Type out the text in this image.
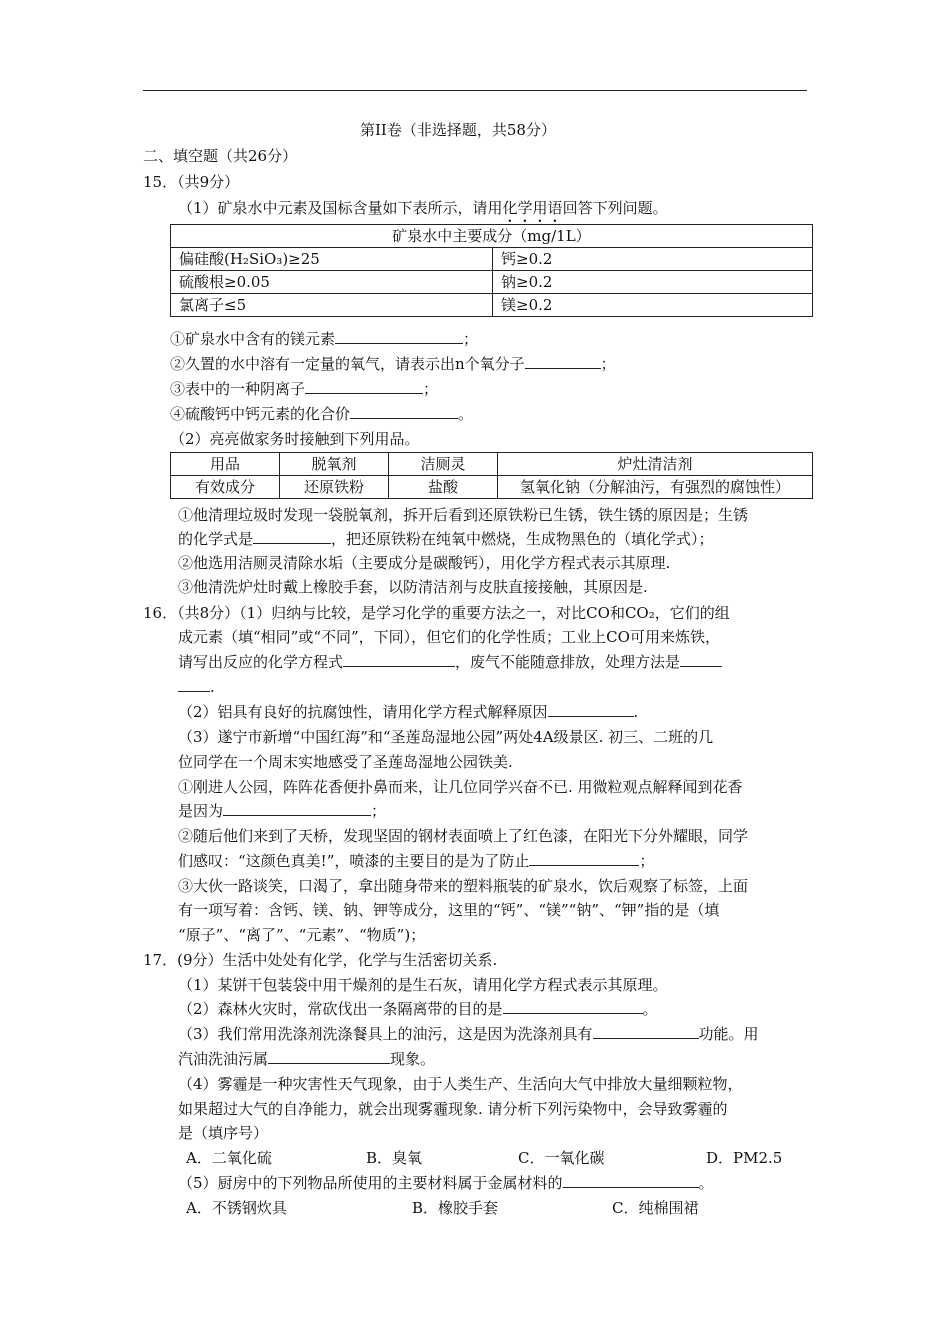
第II卷（非选择题，共58分）
二、填空题（共26分）
15．（共9分）
（1）矿泉水中元素及国标含量如下表所示，请用化学用语回答下列问题。
矿泉水中主要成分（mg/1L）	
偏硅酸(H₂SiO₃)≥25	钙≥0.2
硫酸根≥0.05	钠≥0.2
氯离子≤5	镁≥0.2
①矿泉水中含有的镁元素	；
②久置的水中溶有一定量的氧气，请表示出n个氧分子	；
③表中的一种阴离子	；
④硫酸钙中钙元素的化合价	。
（2）亮亮做家务时接触到下列用品。
用品	脱氧剂	洁厕灵	炉灶清洁剂
有效成分	还原铁粉	盐酸	氢氧化钠（分解油污，有强烈的腐蚀性）
①他清理垃圾时发现一袋脱氧剂，拆开后看到还原铁粉已生锈，铁生锈的原因是；生锈
的化学式是	，把还原铁粉在纯氧中燃烧，生成物黑色的（填化学式）；
②他选用洁厕灵清除水垢（主要成分是碳酸钙），用化学方程式表示其原理.
③他清洗炉灶时戴上橡胶手套，以防清洁剂与皮肤直接接触，其原因是.
16．（共8分）（1）归纳与比较，是学习化学的重要方法之一，对比CO和CO₂，它们的组
成元素（填“相同”或“不同”，下同），但它们的化学性质；工业上CO可用来炼铁，
请写出反应的化学方程式	，废气不能随意排放，处理方法是
.
（2）铝具有良好的抗腐蚀性，请用化学方程式解释原因	.
（3）遂宁市新增“中国红海”和“圣莲岛湿地公园”两处4A级景区. 初三、二班的几
位同学在一个周末实地感受了圣莲岛湿地公园铁美.
①刚进人公园，阵阵花香便扑鼻而来，让几位同学兴奋不已. 用微粒观点解释闻到花香
是因为	；
②随后他们来到了天桥，发现坚固的钢材表面喷上了红色漆，在阳光下分外耀眼，同学
们感叹：“这颜色真美!”，喷漆的主要目的是为了防止	；
③大伙一路谈笑，口渴了，拿出随身带来的塑料瓶装的矿泉水，饮后观察了标签，上面
有一项写着：含钙、镁、钠、钾等成分，这里的“钙”、“镁”“钠”、“钾”指的是（填
“原子”、“离了”、“元素”、“物质”)；
17．(9分）生活中处处有化学，化学与生活密切关系.
（1）某饼干包装袋中用干燥剂的是生石灰，请用化学方程式表示其原理。
（2）森林火灾时，常砍伐出一条隔离带的目的是	。
（3）我们常用洗涤剂洗涤餐具上的油污，这是因为洗涤剂具有	功能。用
汽油洗油污属	现象。
（4）雾霾是一种灾害性天气现象，由于人类生产、生活向大气中排放大量细颗粒物，
如果超过大气的自净能力，就会出现雾霾现象. 请分析下列污染物中，会导致雾霾的
是（填序号）
A．二氧化硫	B．臭氧	C．一氧化碳	D．PM2.5
（5）厨房中的下列物品所使用的主要材料属于金属材料的	。
A．不锈钢炊具	B．橡胶手套	C．纯棉围裙
